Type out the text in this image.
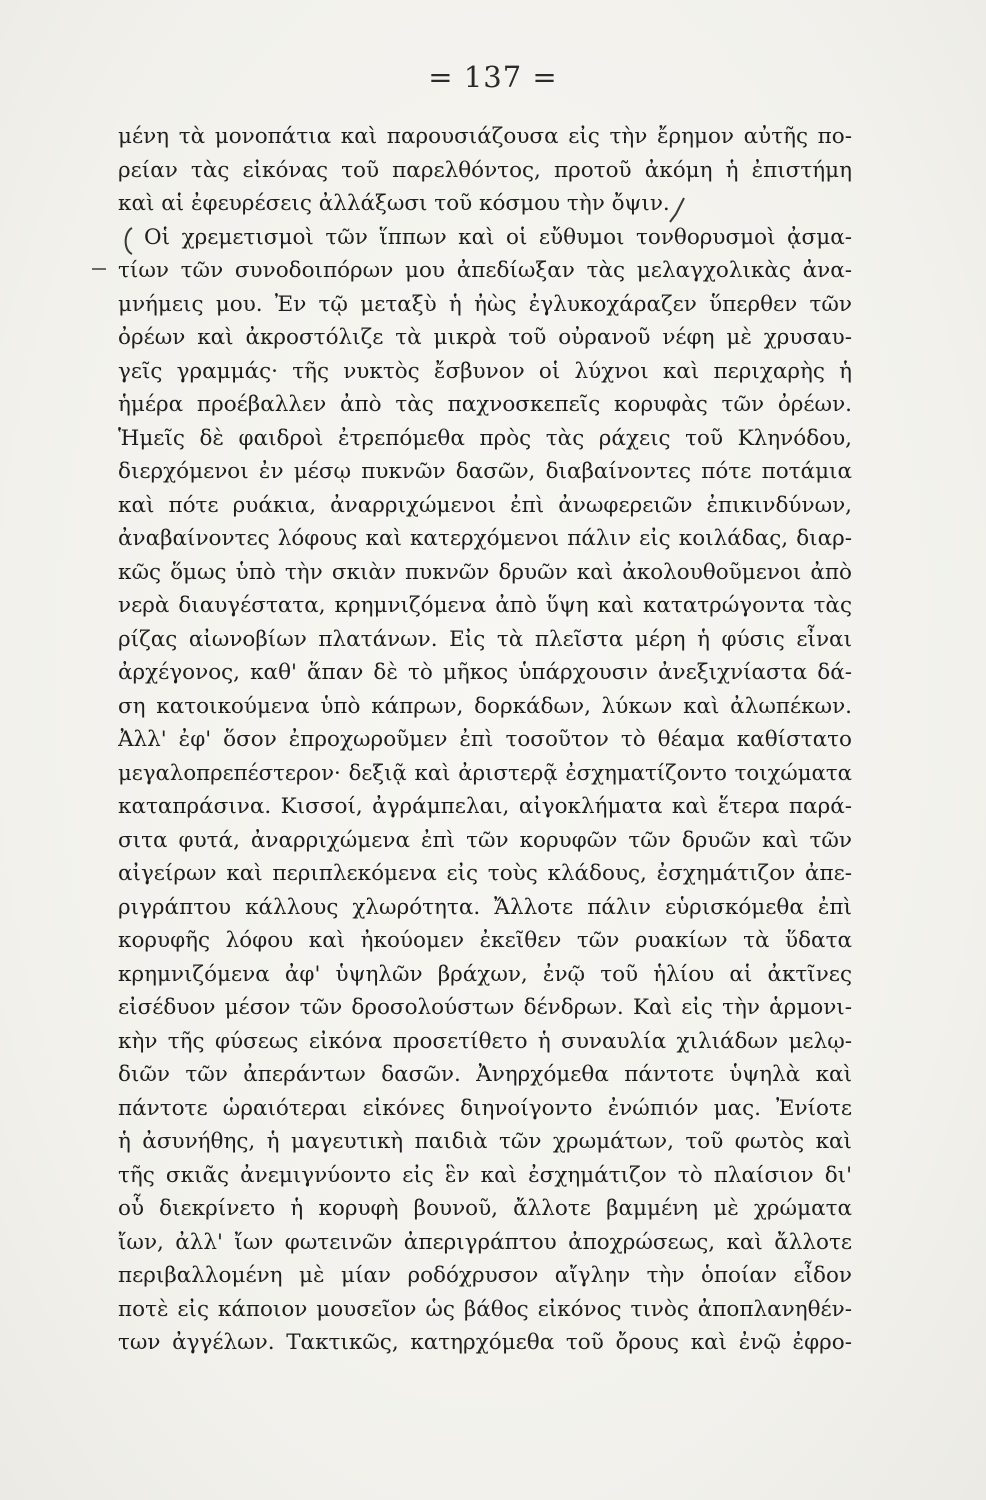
= 137 =
μένη τὰ μονοπάτια καὶ παρουσιάζουσα εἰς τὴν ἔρημον αὐτῆς πο-
ρείαν τὰς εἰκόνας τοῦ παρελθόντος, προτοῦ ἀκόμη ἡ ἐπιστήμη
καὶ αἱ ἐφευρέσεις ἀλλάξωσι τοῦ κόσμου τὴν ὄψιν.
Οἱ χρεμετισμοὶ τῶν ἵππων καὶ οἱ εὔθυμοι τονθορυσμοὶ ᾀσμα-
τίων τῶν συνοδοιπόρων μου ἀπεδίωξαν τὰς μελαγχολικὰς ἀνα-
μνήμεις μου. Ἐν τῷ μεταξὺ ἡ ἠὼς ἐγλυκοχάραζεν ὕπερθεν τῶν
ὀρέων καὶ ἀκροστόλιζε τὰ μικρὰ τοῦ οὐρανοῦ νέφη μὲ χρυσαυ-
γεῖς γραμμάς· τῆς νυκτὸς ἔσβυνον οἱ λύχνοι καὶ περιχαρὴς ἡ
ἡμέρα προέβαλλεν ἀπὸ τὰς παχνοσκεπεῖς κορυφὰς τῶν ὀρέων.
Ἡμεῖς δὲ φαιδροὶ ἐτρεπόμεθα πρὸς τὰς ράχεις τοῦ Κληνόδου,
διερχόμενοι ἐν μέσῳ πυκνῶν δασῶν, διαβαίνοντες πότε ποτάμια
καὶ πότε ρυάκια, ἀναρριχώμενοι ἐπὶ ἀνωφερειῶν ἐπικινδύνων,
ἀναβαίνοντες λόφους καὶ κατερχόμενοι πάλιν εἰς κοιλάδας, διαρ-
κῶς ὅμως ὑπὸ τὴν σκιὰν πυκνῶν δρυῶν καὶ ἀκολουθοῦμενοι ἀπὸ
νερὰ διαυγέστατα, κρημνιζόμενα ἀπὸ ὕψη καὶ κατατρώγοντα τὰς
ρίζας αἰωνοβίων πλατάνων. Εἰς τὰ πλεῖστα μέρη ἡ φύσις εἶναι
ἀρχέγονος, καθ' ἅπαν δὲ τὸ μῆκος ὑπάρχουσιν ἀνεξιχνίαστα δά-
ση κατοικούμενα ὑπὸ κάπρων, δορκάδων, λύκων καὶ ἀλωπέκων.
Ἀλλ' ἐφ' ὅσον ἐπροχωροῦμεν ἐπὶ τοσοῦτον τὸ θέαμα καθίστατο
μεγαλοπρεπέστερον· δεξιᾷ καὶ ἀριστερᾷ ἐσχηματίζοντο τοιχώματα
καταπράσινα. Κισσοί, ἀγράμπελαι, αἰγοκλήματα καὶ ἕτερα παρά-
σιτα φυτά, ἀναρριχώμενα ἐπὶ τῶν κορυφῶν τῶν δρυῶν καὶ τῶν
αἰγείρων καὶ περιπλεκόμενα εἰς τοὺς κλάδους, ἐσχημάτιζον ἀπε-
ριγράπτου κάλλους χλωρότητα. Ἄλλοτε πάλιν εὑρισκόμεθα ἐπὶ
κορυφῆς λόφου καὶ ἠκούομεν ἐκεῖθεν τῶν ρυακίων τὰ ὕδατα
κρημνιζόμενα ἀφ' ὑψηλῶν βράχων, ἐνῷ τοῦ ἡλίου αἱ ἀκτῖνες
εἰσέδυον μέσον τῶν δροσολούστων δένδρων. Καὶ εἰς τὴν ἁρμονι-
κὴν τῆς φύσεως εἰκόνα προσετίθετο ἡ συναυλία χιλιάδων μελῳ-
διῶν τῶν ἀπεράντων δασῶν. Ἀνηρχόμεθα πάντοτε ὑψηλὰ καὶ
πάντοτε ὡραιότεραι εἰκόνες διηνοίγοντο ἐνώπιόν μας. Ἐνίοτε
ἡ ἀσυνήθης, ἡ μαγευτικὴ παιδιὰ τῶν χρωμάτων, τοῦ φωτὸς καὶ
τῆς σκιᾶς ἀνεμιγνύοντο εἰς ἓν καὶ ἐσχημάτιζον τὸ πλαίσιον δι'
οὗ διεκρίνετο ἡ κορυφὴ βουνοῦ, ἄλλοτε βαμμένη μὲ χρώματα
ἴων, ἀλλ' ἴων φωτεινῶν ἀπεριγράπτου ἀποχρώσεως, καὶ ἄλλοτε
περιβαλλομένη μὲ μίαν ροδόχρυσον αἴγλην τὴν ὁποίαν εἶδον
ποτὲ εἰς κάποιον μουσεῖον ὡς βάθος εἰκόνος τινὸς ἀποπλανηθέν-
των ἀγγέλων. Τακτικῶς, κατηρχόμεθα τοῦ ὄρους καὶ ἐνῷ ἐφρο-
